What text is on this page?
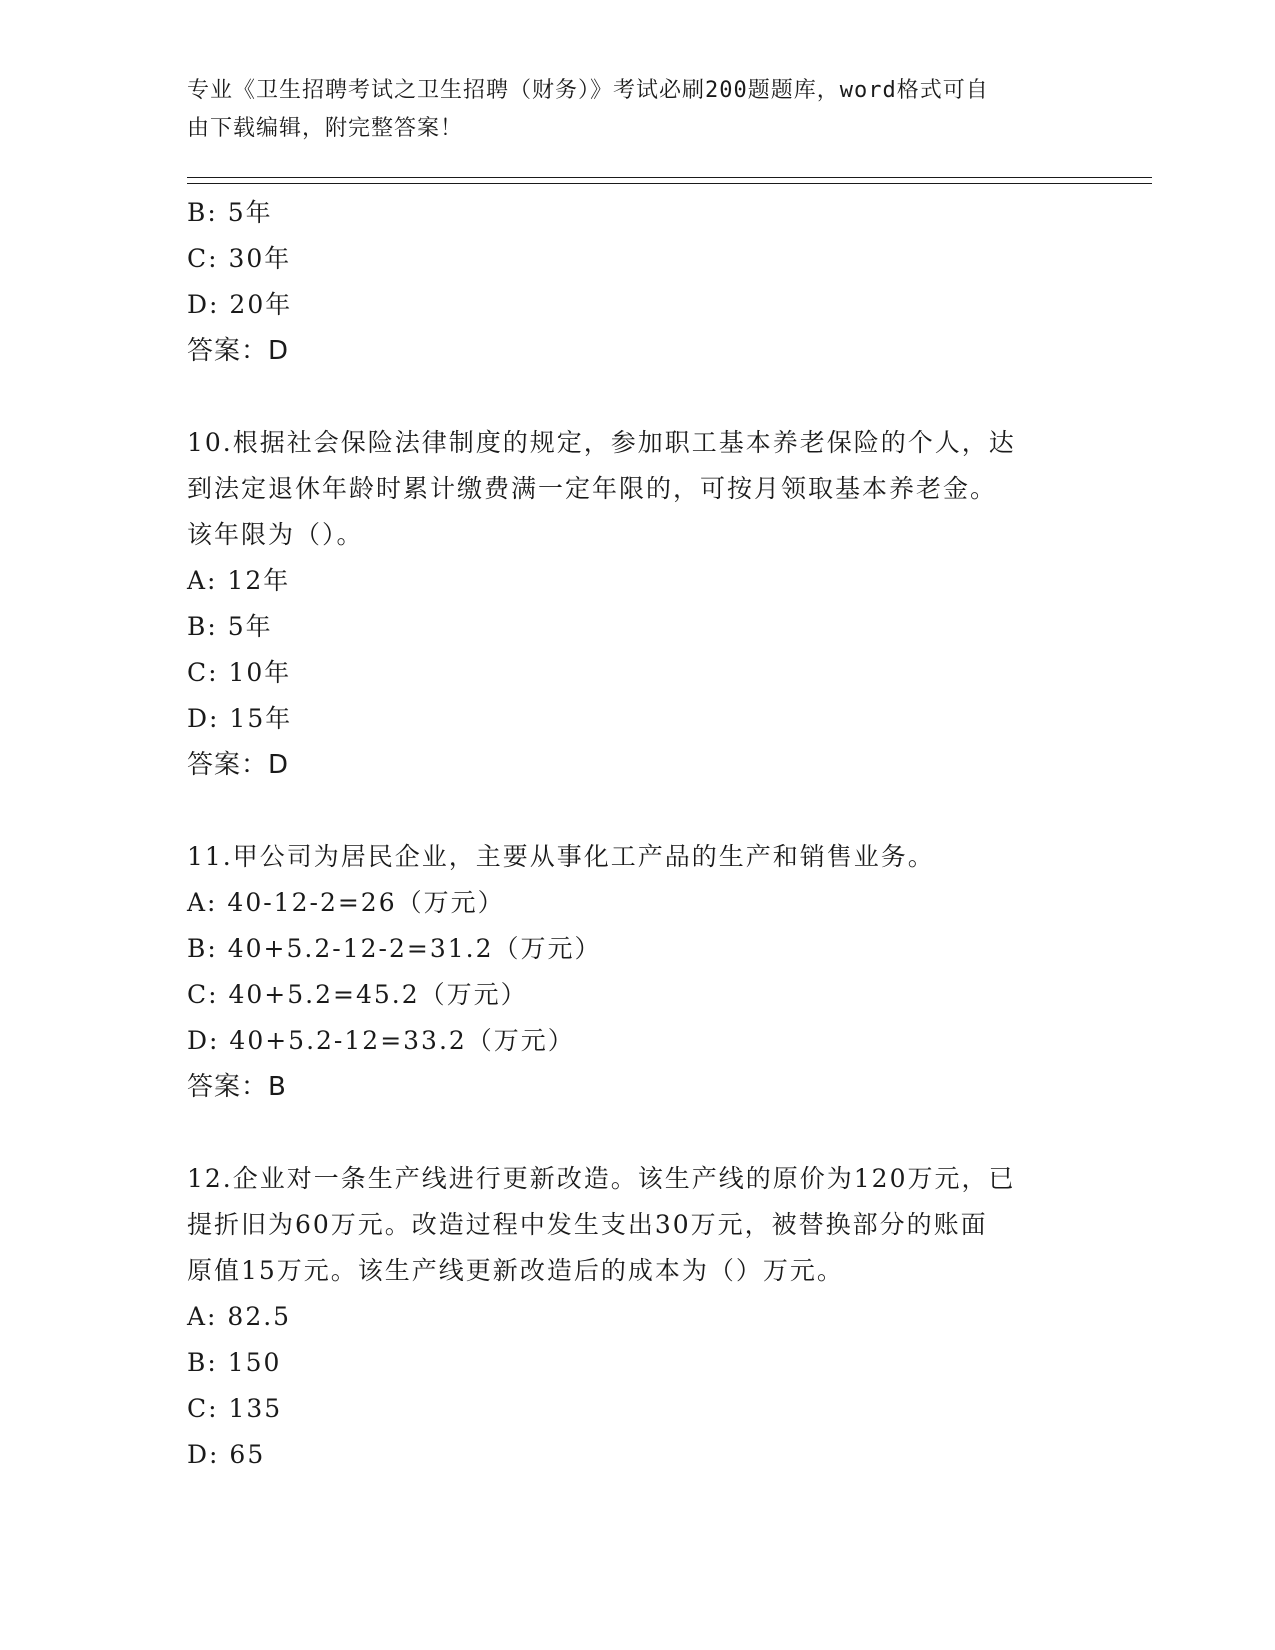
专业《卫生招聘考试之卫生招聘（财务）》考试必刷200题题库，word格式可自
由下载编辑，附完整答案！
B: 5年
C: 30年
D: 20年
答案：D
10.根据社会保险法律制度的规定，参加职工基本养老保险的个人，达
到法定退休年龄时累计缴费满一定年限的，可按月领取基本养老金。
该年限为（）。
A: 12年
B: 5年
C: 10年
D: 15年
答案：D
11.甲公司为居民企业，主要从事化工产品的生产和销售业务。
A: 40-12-2=26（万元）
B: 40+5.2-12-2=31.2（万元）
C: 40+5.2=45.2（万元）
D: 40+5.2-12=33.2（万元）
答案：B
12.企业对一条生产线进行更新改造。该生产线的原价为120万元，已
提折旧为60万元。改造过程中发生支出30万元，被替换部分的账面
原值15万元。该生产线更新改造后的成本为（）万元。
A: 82.5
B: 150
C: 135
D: 65
